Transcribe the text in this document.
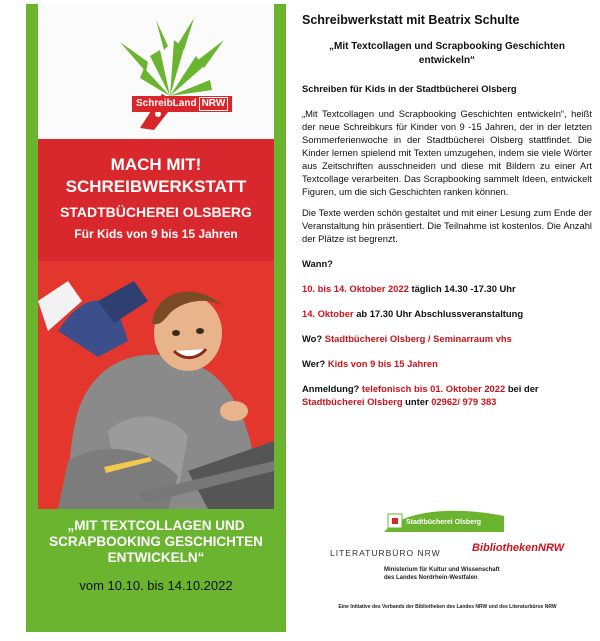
SchreibLand NRW
MACH MIT!
SCHREIBWERKSTATT
STADTBÜCHEREI OLSBERG
Für Kids von 9 bis 15 Jahren
„MIT TEXTCOLLAGEN UND SCRAPBOOKING GESCHICHTEN ENTWICKELN“
vom 10.10. bis 14.10.2022
Schreibwerkstatt mit Beatrix Schulte

„Mit Textcollagen und Scrapbooking Geschichten entwickeln“

Schreiben für Kids in der Stadtbücherei Olsberg

„Mit Textcollagen und Scrapbooking Geschichten entwickeln“, heißt der neue Schreibkurs für Kinder von 9 -15 Jahren, der in der letzten Sommerferienwoche in der Stadtbücherei Olsberg stattfindet. Die Kinder lernen spielend mit Texten umzugehen, indem sie viele Wörter aus Zeitschriften ausschneiden und diese mit Bildern zu einer Art Textcollage verarbeiten. Das Scrapbooking sammelt Ideen, entwickelt Figuren, um die sich Geschichten ranken können.

Die Texte werden schön gestaltet und mit einer Lesung zum Ende der Veranstaltung hin präsentiert. Die Teilnahme ist kostenlos. Die Anzahl der Plätze ist begrenzt.

Wann?

10. bis 14. Oktober 2022 täglich 14.30 -17.30 Uhr

14. Oktober ab 17.30 Uhr Abschlussveranstaltung

Wo? Stadtbücherei Olsberg / Seminarraum vhs

Wer? Kids von 9 bis 15 Jahren

Anmeldung? telefonisch bis 01. Oktober 2022 bei der Stadtbücherei Olsberg unter 02962/ 979 383

Stadtbücherei Olsberg
LITERATURBÜRO NRW	BibliothekenNRW
Ministerium für Kultur und Wissenschaft des Landes Nordrhein-Westfalen
Eine Initiative des Verbands der Bibliotheken des Landes NRW und des Literaturbüros NRW
